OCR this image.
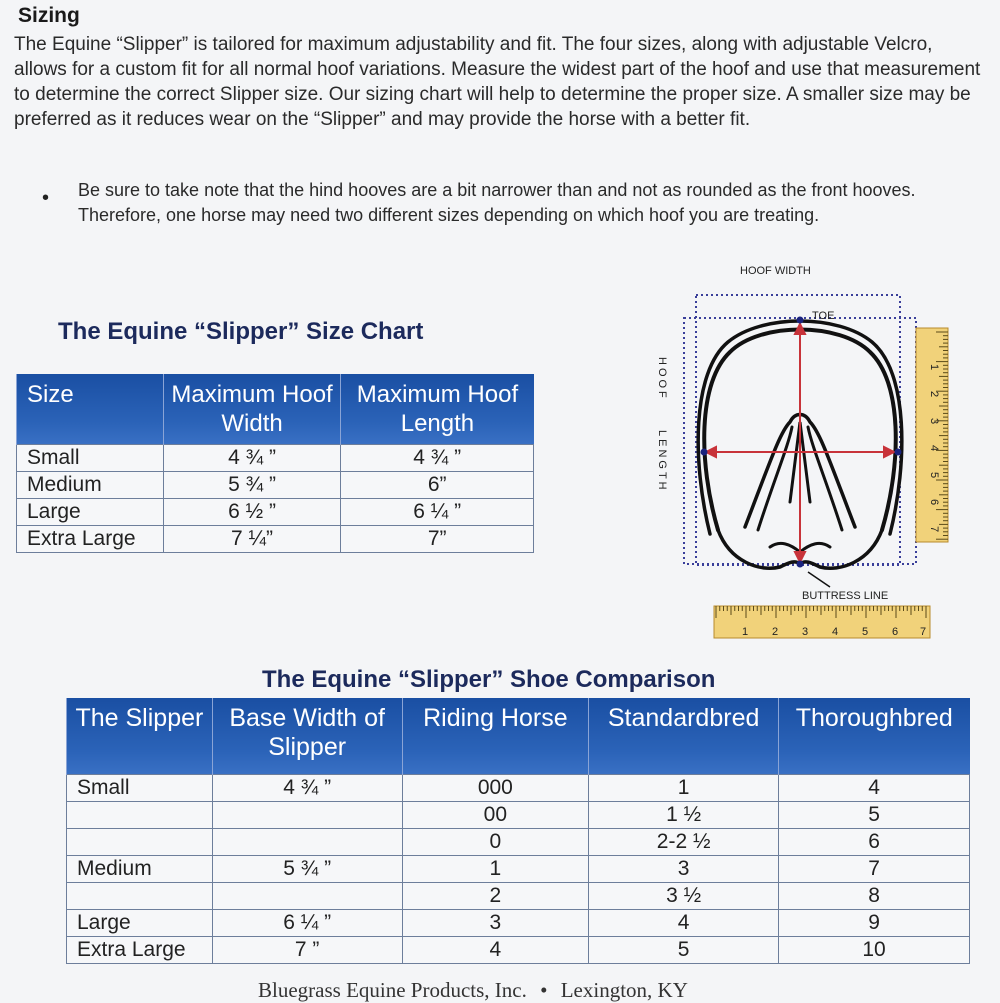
Sizing
The Equine “Slipper” is tailored for maximum adjustability and fit. The four sizes, along with adjustable Velcro, allows for a custom fit for all normal hoof variations. Measure the widest part of the hoof and use that measurement to determine the correct Slipper size. Our sizing chart will help to determine the proper size. A smaller size may be preferred as it reduces wear on the “Slipper” and may provide the horse with a better fit.
• Be sure to take note that the hind hooves are a bit narrower than and not as rounded as the front hooves. Therefore, one horse may need two different sizes depending on which hoof you are treating.
The Equine “Slipper” Size Chart
Size	Maximum Hoof Width	Maximum Hoof Length
Small	4 ¾ ”	4 ¾ ”
Medium	5 ¾ ”	6”
Large	6 ½ ”	6 ¼ ”
Extra Large	7 ¼”	7”
HOOF WIDTH
TOE
HOOF
LENGTH
BUTTRESS LINE
1
2
3
4
5
6
7
1 2 3 4 5 6 7
The Equine “Slipper” Shoe Comparison
The Slipper	Base Width of Slipper	Riding Horse	Standardbred	Thoroughbred
Small	4 ¾ ”	000	1	4
		00	1 ½	5
		0	2-2 ½	6
Medium	5 ¾ ”	1	3	7
		2	3 ½	8
Large	6 ¼ ”	3	4	9
Extra Large	7 ”	4	5	10
Bluegrass Equine Products, Inc. • Lexington, KY
